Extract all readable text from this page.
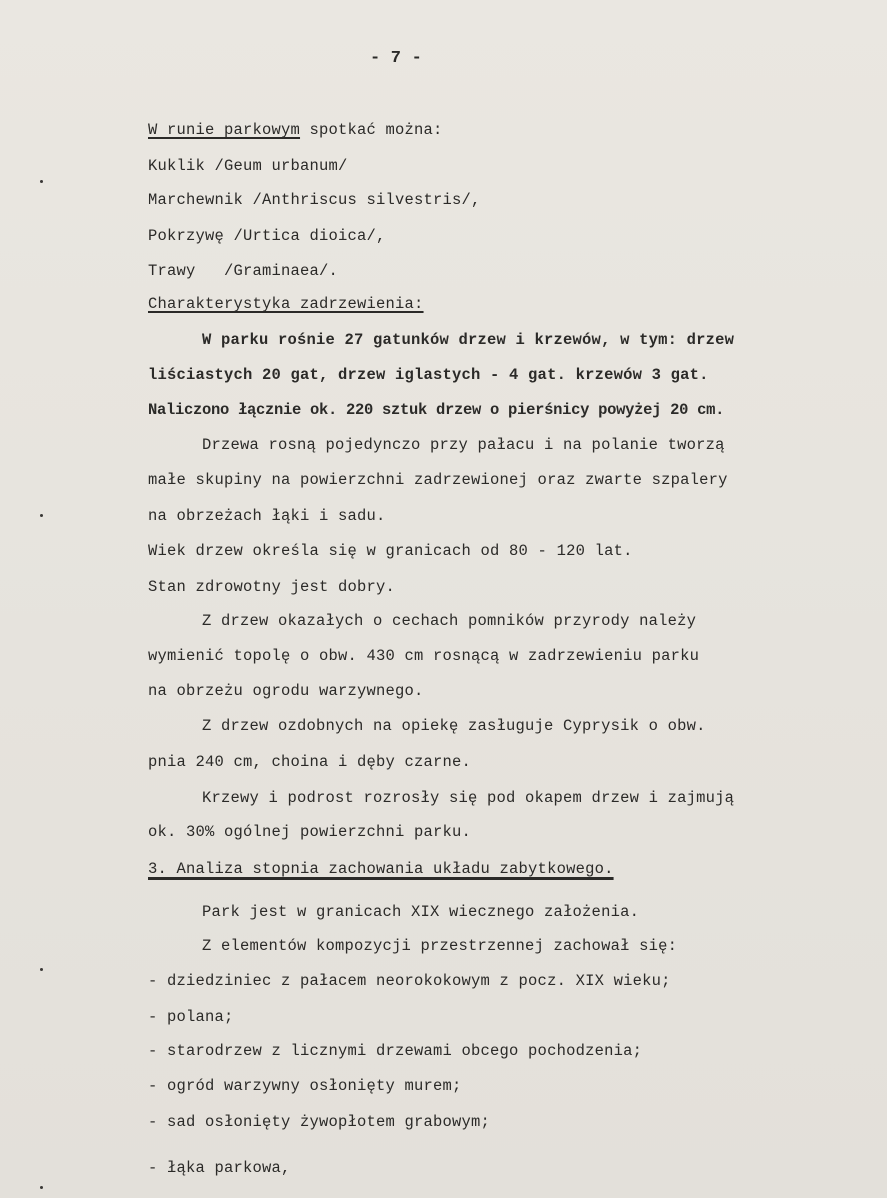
- 7 -
W runie parkowym spotkać można:
Kuklik /Geum urbanum/
Marchewnik /Anthriscus silvestris/,
Pokrzywę /Urtica dioica/,
Trawy   /Graminaea/.
Charakterystyka zadrzewienia:
W parku rośnie 27 gatunków drzew i krzewów, w tym: drzew
liściastych 20 gat, drzew iglastych - 4 gat. krzewów 3 gat.
Naliczono łącznie ok. 220 sztuk drzew o pierśnicy powyżej 20 cm.
Drzewa rosną pojedynczo przy pałacu i na polanie tworzą
małe skupiny na powierzchni zadrzewionej oraz zwarte szpalery
na obrzeżach łąki i sadu.
Wiek drzew określa się w granicach od 80 - 120 lat.
Stan zdrowotny jest dobry.
Z drzew okazałych o cechach pomników przyrody należy
wymienić topolę o obw. 430 cm rosnącą w zadrzewieniu parku
na obrzeżu ogrodu warzywnego.
Z drzew ozdobnych na opiekę zasługuje Cyprysik o obw.
pnia 240 cm, choina i dęby czarne.
Krzewy i podrost rozrosły się pod okapem drzew i zajmują
ok. 30% ogólnej powierzchni parku.
3. Analiza stopnia zachowania układu zabytkowego.
Park jest w granicach XIX wiecznego założenia.
Z elementów kompozycji przestrzennej zachował się:
- dziedziniec z pałacem neorokokowym z pocz. XIX wieku;
- polana;
- starodrzew z licznymi drzewami obcego pochodzenia;
- ogród warzywny osłonięty murem;
- sad osłonięty żywopłotem grabowym;
- łąka parkowa,
